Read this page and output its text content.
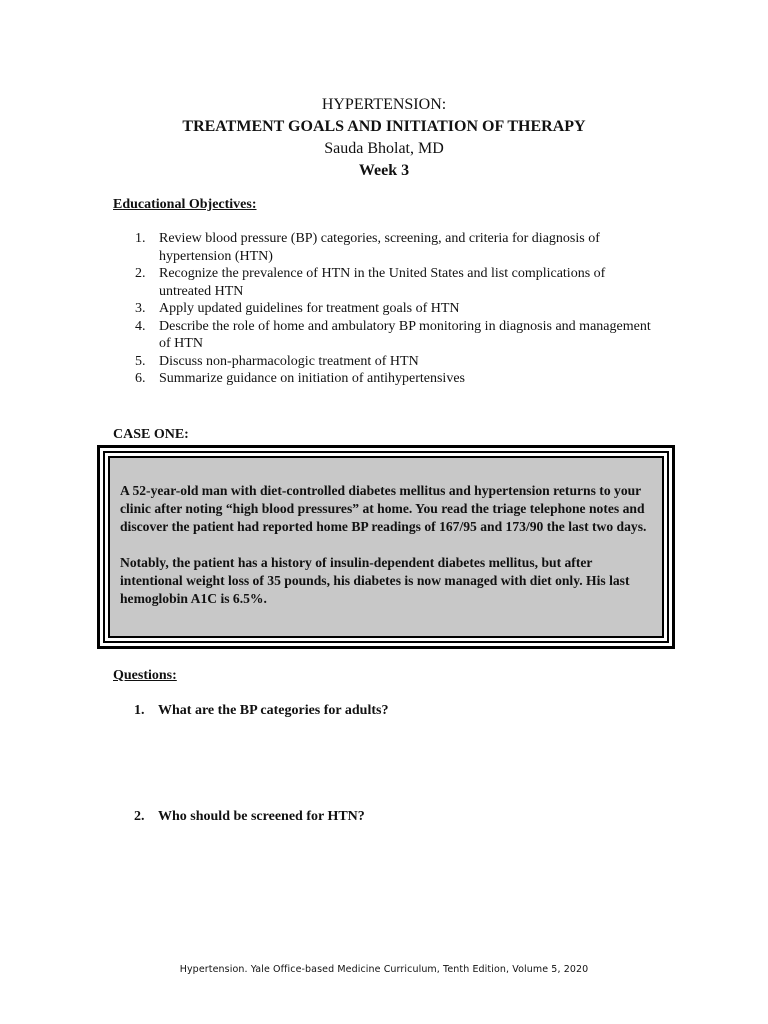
HYPERTENSION:
TREATMENT GOALS AND INITIATION OF THERAPY
Sauda Bholat, MD
Week 3
Educational Objectives:
1. Review blood pressure (BP) categories, screening, and criteria for diagnosis of hypertension (HTN)
2. Recognize the prevalence of HTN in the United States and list complications of untreated HTN
3. Apply updated guidelines for treatment goals of HTN
4. Describe the role of home and ambulatory BP monitoring in diagnosis and management of HTN
5. Discuss non-pharmacologic treatment of HTN
6. Summarize guidance on initiation of antihypertensives
CASE ONE:

A 52-year-old man with diet-controlled diabetes mellitus and hypertension returns to your clinic after noting “high blood pressures” at home. You read the triage telephone notes and discover the patient had reported home BP readings of 167/95 and 173/90 the last two days.

Notably, the patient has a history of insulin-dependent diabetes mellitus, but after intentional weight loss of 35 pounds, his diabetes is now managed with diet only. His last hemoglobin A1C is 6.5%.

Questions:
1. What are the BP categories for adults?
2. Who should be screened for HTN?
Hypertension. Yale Office-based Medicine Curriculum, Tenth Edition, Volume 5, 2020
